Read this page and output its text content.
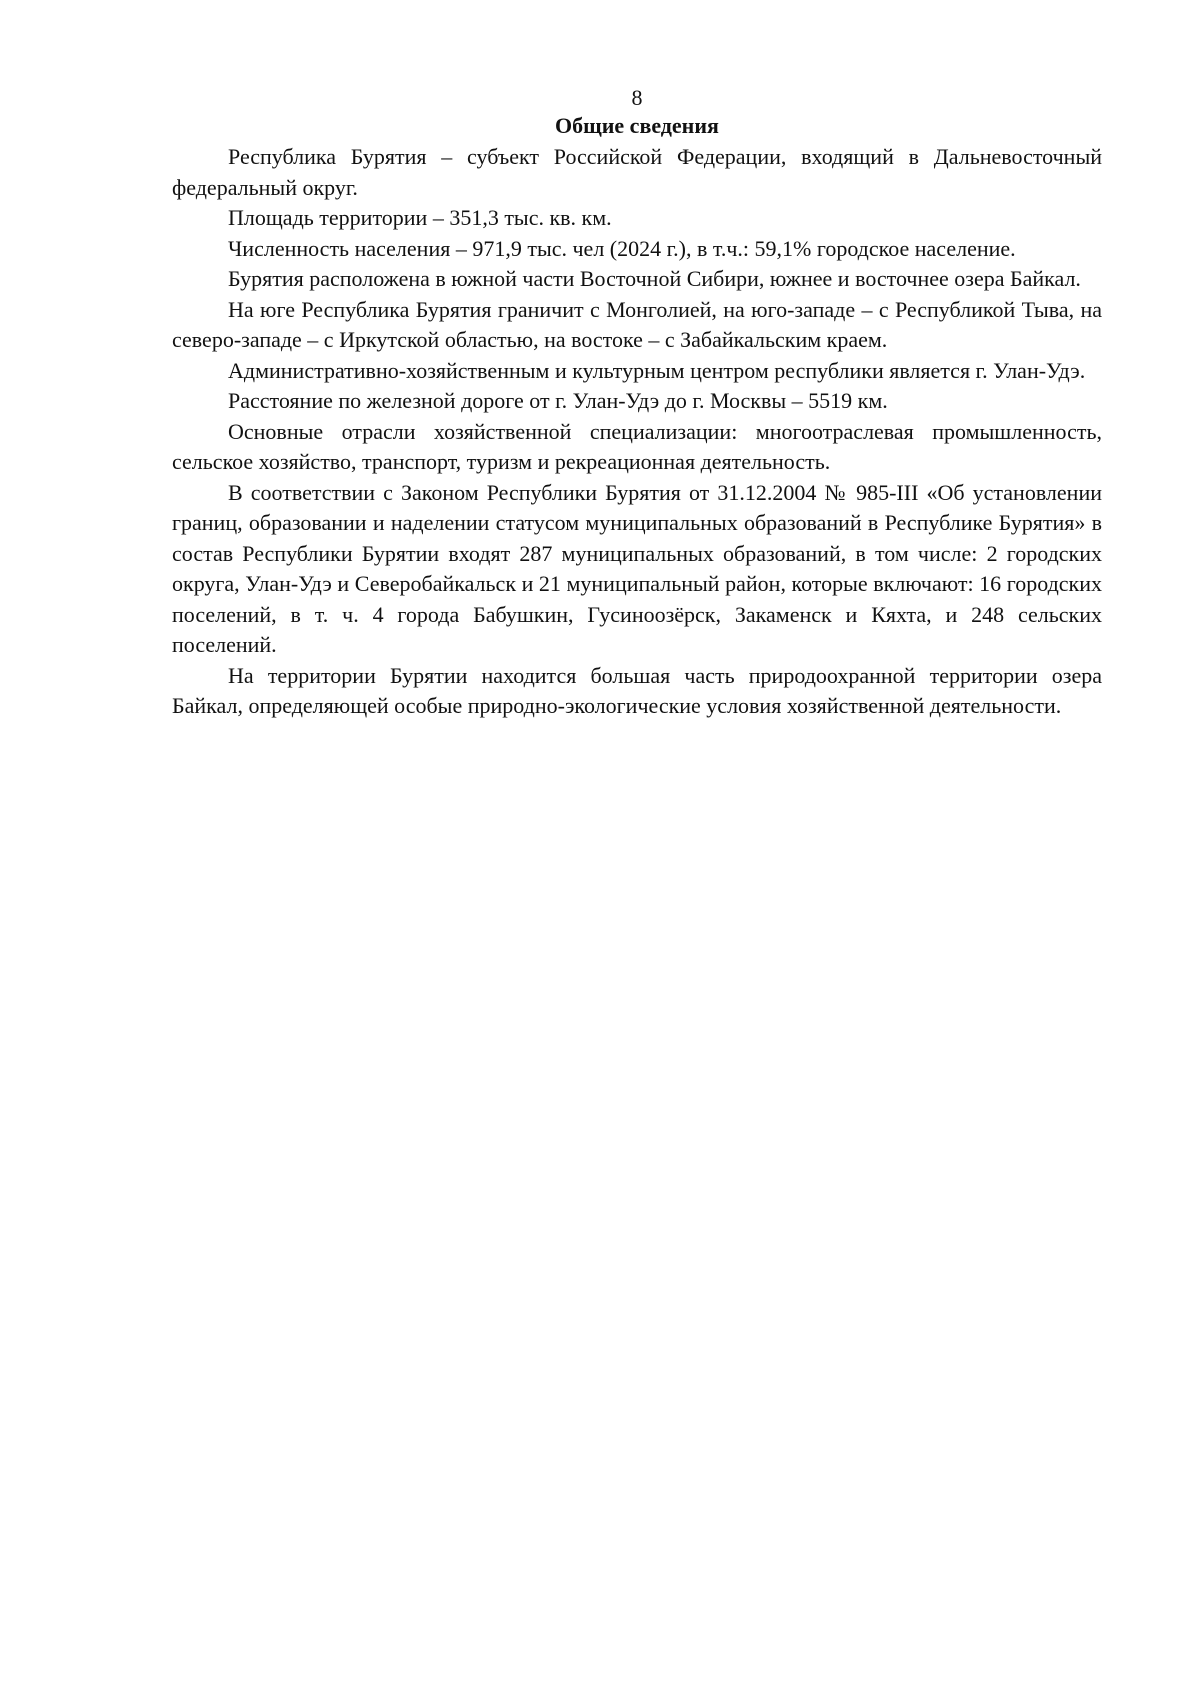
8
Общие сведения

Республика Бурятия – субъект Российской Федерации, входящий в Дальневосточный федеральный округ.

Площадь территории – 351,3 тыс. кв. км.

Численность населения – 971,9 тыс. чел (2024 г.), в т.ч.: 59,1% городское население.

Бурятия расположена в южной части Восточной Сибири, южнее и восточнее озера Байкал.

На юге Республика Бурятия граничит с Монголией, на юго-западе – с Республикой Тыва, на северо-западе – с Иркутской областью, на востоке – с Забайкальским краем.

Административно-хозяйственным и культурным центром республики является г. Улан-Удэ.

Расстояние по железной дороге от г. Улан-Удэ до г. Москвы – 5519 км.

Основные отрасли хозяйственной специализации: многоотраслевая промышленность, сельское хозяйство, транспорт, туризм и рекреационная деятельность.

В соответствии с Законом Республики Бурятия от 31.12.2004 № 985-III «Об установлении границ, образовании и наделении статусом муниципальных образований в Республике Бурятия» в состав Республики Бурятии входят 287 муниципальных образований, в том числе: 2 городских округа, Улан-Удэ и Северобайкальск и 21 муниципальный район, которые включают: 16 городских поселений, в т. ч. 4 города Бабушкин, Гусиноозёрск, Закаменск и Кяхта, и 248 сельских поселений.

На территории Бурятии находится большая часть природоохранной территории озера Байкал, определяющей особые природно-экологические условия хозяйственной деятельности.
